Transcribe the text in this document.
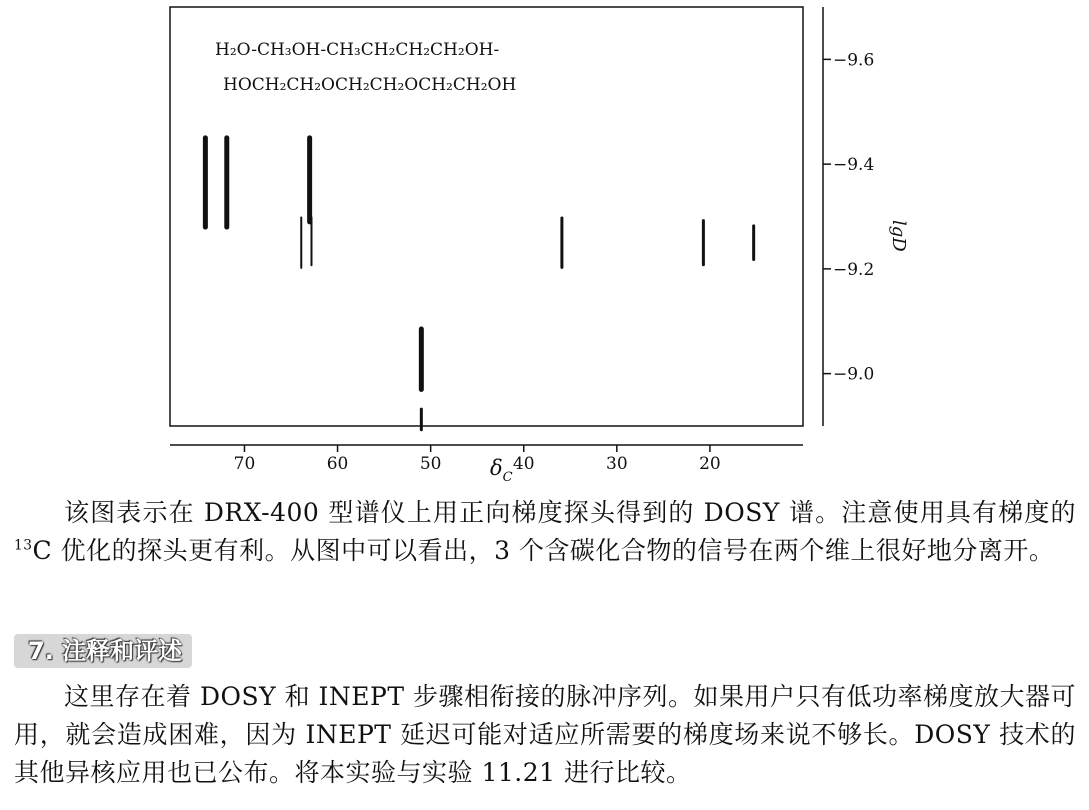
H₂O-CH₃OH-CH₃CH₂CH₂CH₂OH-
HOCH₂CH₂OCH₂CH₂OCH₂CH₂OH
70	60	50	40	30	20
$\delta_C$
−9.6
−9.4
−9.2
−9.0
lgD
该图表示在 DRX-400 型谱仪上用正向梯度探头得到的 DOSY 谱。注意使用具有梯度的$^{13}$C 优化的探头更有利。从图中可以看出，3 个含碳化合物的信号在两个维上很好地分离开。
7. 注释和评述
这里存在着 DOSY 和 INEPT 步骤相衔接的脉冲序列。如果用户只有低功率梯度放大器可用，就会造成困难，因为 INEPT 延迟可能对适应所需要的梯度场来说不够长。DOSY 技术的其他异核应用也已公布。将本实验与实验 11.21 进行比较。
